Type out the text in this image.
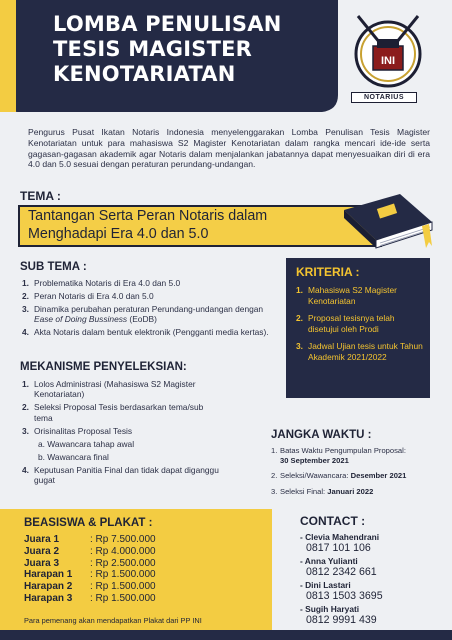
LOMBA PENULISAN
TESIS MAGISTER
KENOTARIATAN
INI
NOTARIUS

Pengurus Pusat Ikatan Notaris Indonesia menyelenggarakan Lomba Penulisan Tesis Magister Kenotariatan untuk para mahasiswa S2 Magister Kenotariatan dalam rangka mencari ide-ide serta gagasan-gagasan akademik agar Notaris dalam menjalankan jabatannya dapat menyesuaikan diri di era 4.0 dan 5.0 sesuai dengan peraturan perundang-undangan.

TEMA :
Tantangan Serta Peran Notaris dalam
Menghadapi Era 4.0 dan 5.0
SUB TEMA :
1. Problematika Notaris di Era 4.0 dan 5.0
2. Peran Notaris di Era 4.0 dan 5.0
3. Dinamika perubahan peraturan Perundang-undangan dengan Ease of Doing Bussiness (EoDB)
4. Akta Notaris dalam bentuk elektronik (Pengganti media kertas).
MEKANISME PENYELEKSIAN:
1. Lolos Administrasi (Mahasiswa S2 Magister Kenotariatan)
2. Seleksi Proposal Tesis berdasarkan tema/sub tema
3. Orisinalitas Proposal Tesis
a. Wawancara tahap awal
b. Wawancara final
4. Keputusan Panitia Final dan tidak dapat diganggu gugat
KRITERIA :
1. Mahasiswa S2 Magister Kenotariatan
2. Proposal tesisnya telah disetujui oleh Prodi
3. Jadwal Ujian tesis untuk Tahun Akademik 2021/2022
JANGKA WAKTU :
1. Batas Waktu Pengumpulan Proposal:
30 September 2021
2. Seleksi/Wawancara: Desember 2021
3. Seleksi Final: Januari 2022
BEASISWA & PLAKAT :
Juara 1	: Rp 7.500.000
Juara 2	: Rp 4.000.000
Juara 3	: Rp 2.500.000
Harapan 1	: Rp 1.500.000
Harapan 2	: Rp 1.500.000
Harapan 3	: Rp 1.500.000
Para pemenang akan mendapatkan Plakat dari PP INI
CONTACT :
- Clevia Mahendrani
0817 101 106
- Anna Yulianti
0812 2342 661
- Dini Lastari
0813 1503 3695
- Sugih Haryati
0812 9991 439
